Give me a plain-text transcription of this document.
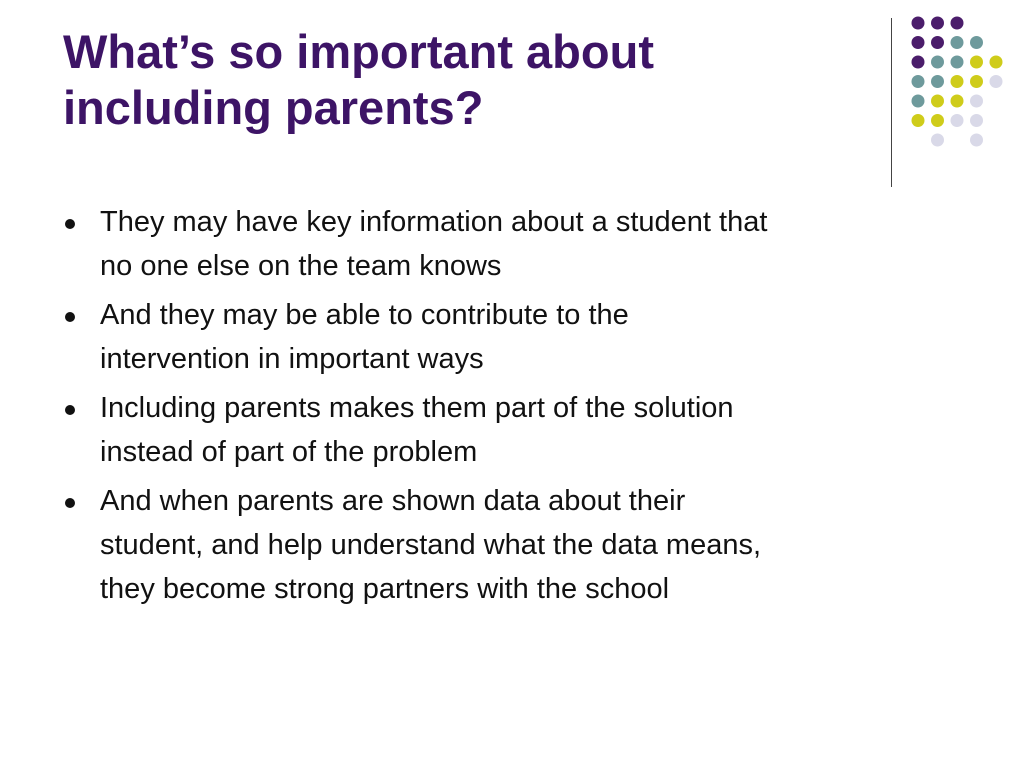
What’s so important about
including parents?
They may have key information about a student that
no one else on the team knows
And they may be able to contribute to the
intervention in important ways
Including parents makes them part of the solution
instead of part of the problem
And when parents are shown data about their
student, and help understand what the data means,
they become strong partners with the school
